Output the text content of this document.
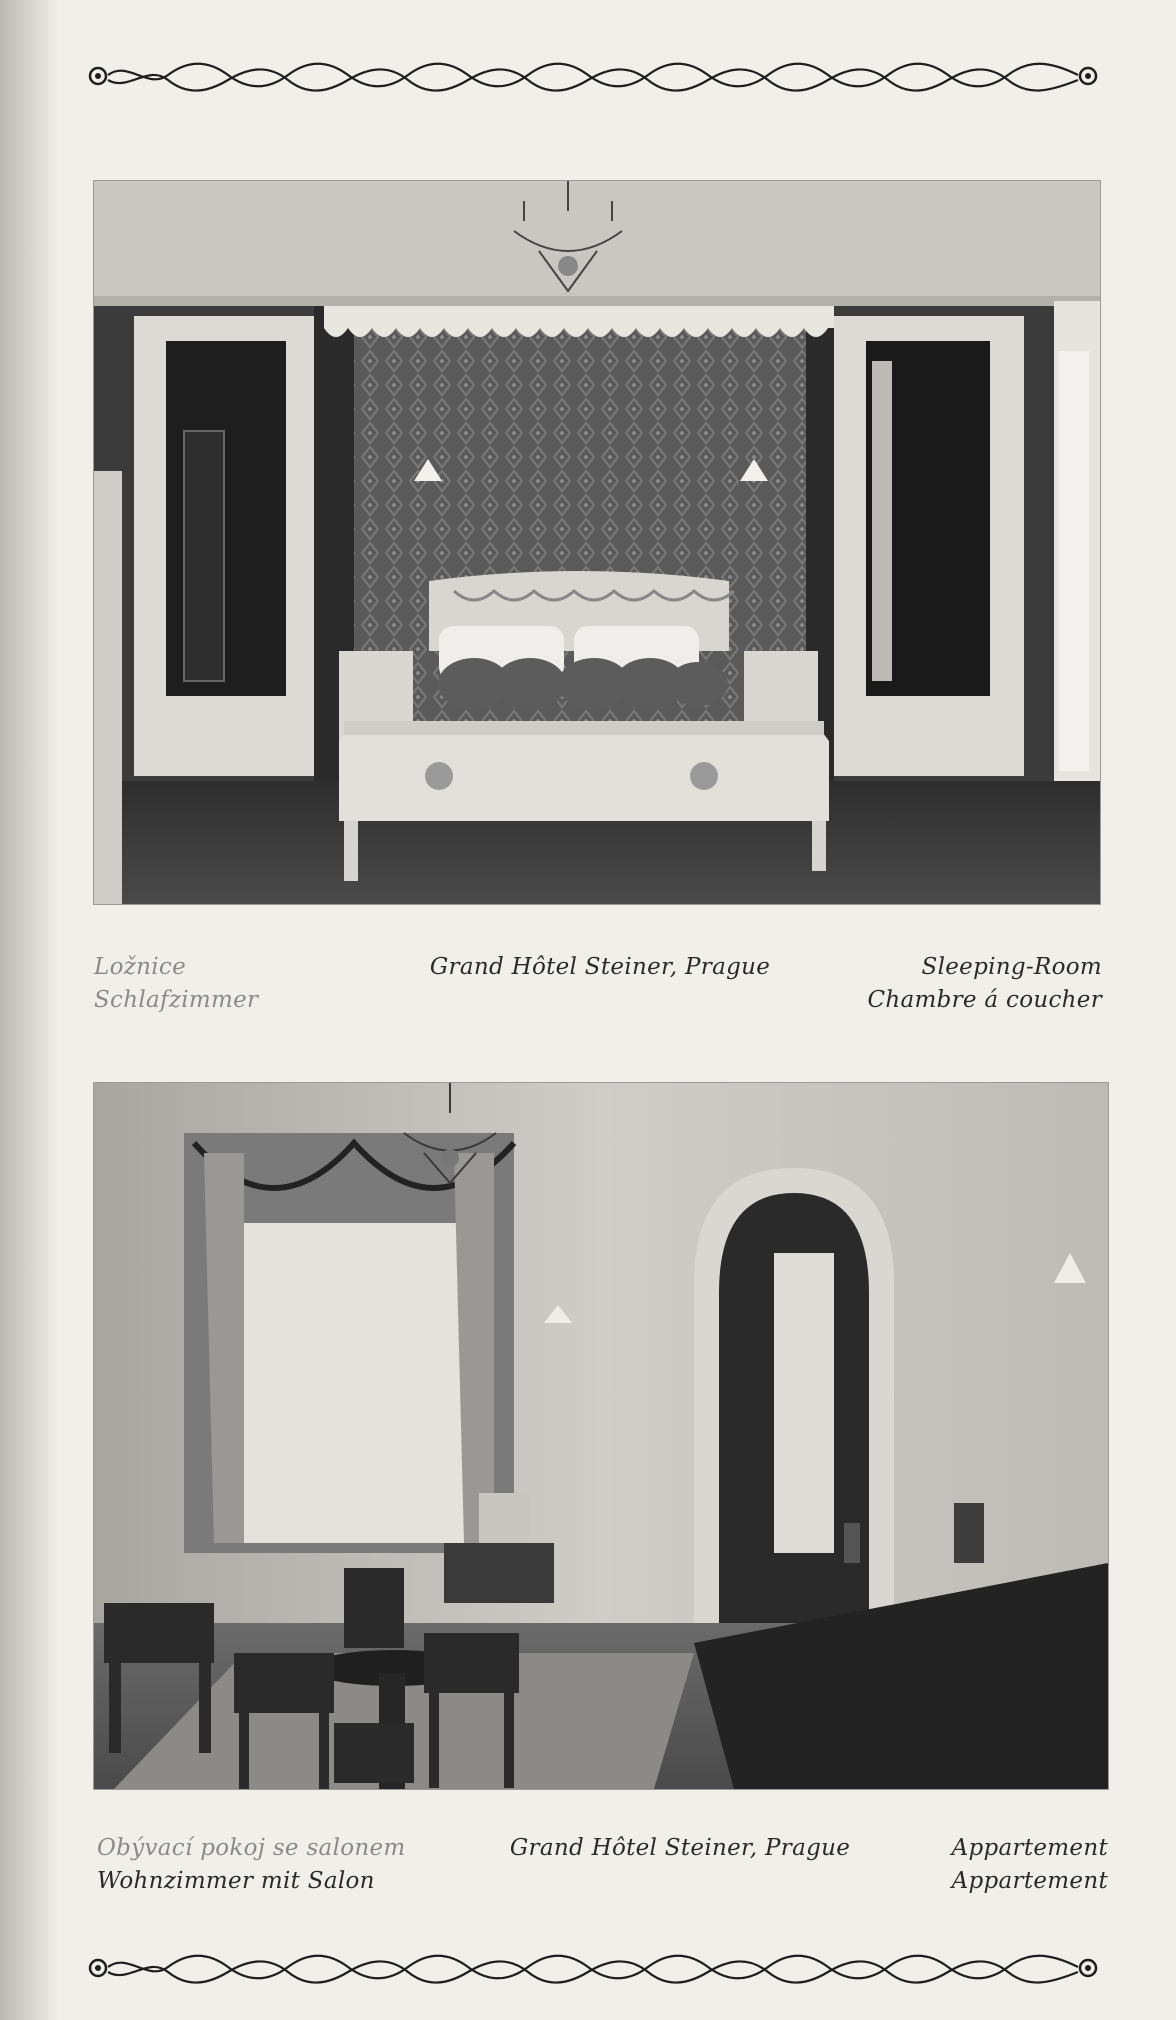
Ložnice
Schlafzimmer
Grand Hôtel Steiner, Prague	Sleeping-Room
Chambre á coucher
Obývací pokoj se salonem
Wohnzimmer mit Salon
Grand Hôtel Steiner, Prague	Appartement
Appartement
